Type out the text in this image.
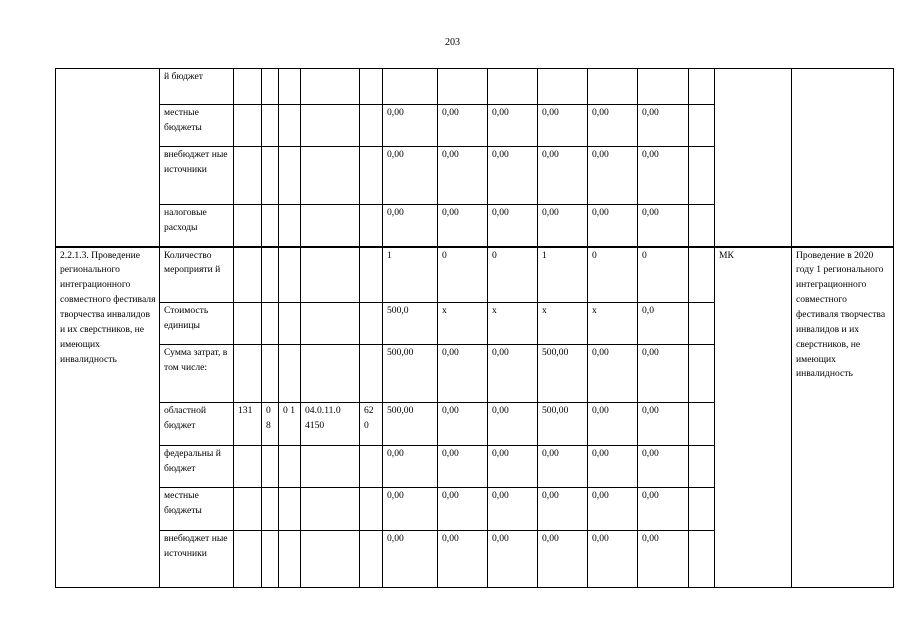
203
	й бюджет														
	местные бюджеты						0,00	0,00	0,00	0,00	0,00	0,00			
	внебюджет ные источники						0,00	0,00	0,00	0,00	0,00	0,00			
	налоговые расходы						0,00	0,00	0,00	0,00	0,00	0,00			
2.2.1.3. Проведение регионального интеграционного совместного фестиваля творчества инвалидов и их сверстников, не имеющих инвалидность	Количество мероприяти й						1	0	0	1	0	0		МК	Проведение в 2020 году 1 регионального интеграционного совместного фестиваля творчества инвалидов и их сверстников, не имеющих инвалидность
	Стоимость единицы						500,0	х	х	х	х	0,0			
	Сумма затрат, в том числе:						500,00	0,00	0,00	500,00	0,00	0,00			
	областной бюджет	131	0 8	0 1	04.0.11.0 4150	62 0	500,00	0,00	0,00	500,00	0,00	0,00			
	федеральны й бюджет						0,00	0,00	0,00	0,00	0,00	0,00			
	местные бюджеты						0,00	0,00	0,00	0,00	0,00	0,00			
	внебюджет ные источники						0,00	0,00	0,00	0,00	0,00	0,00			
